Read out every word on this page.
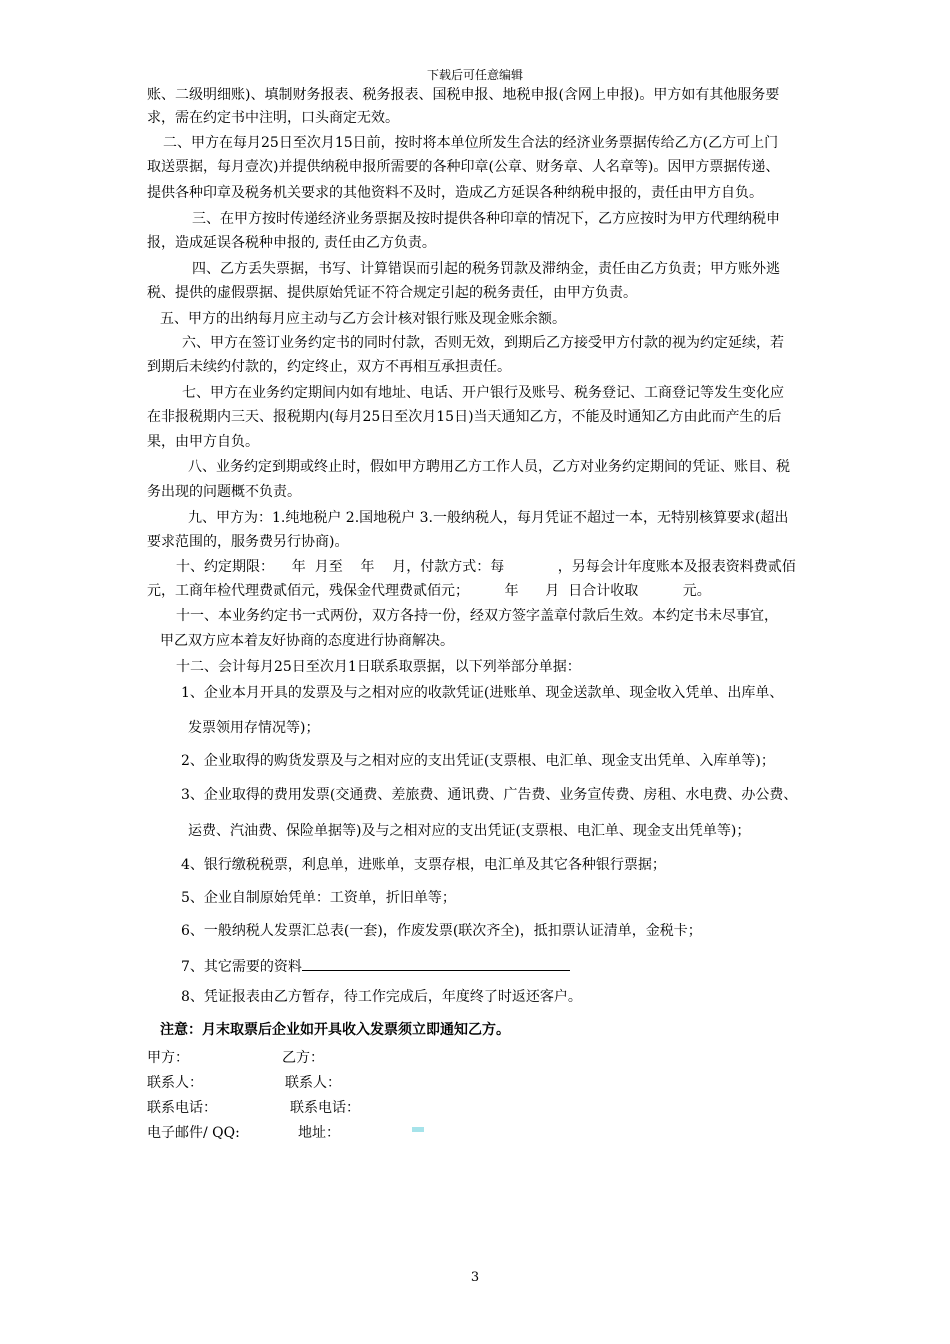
下载后可任意编辑
账、二级明细账)、填制财务报表、税务报表、国税申报、地税申报(含网上申报)。甲方如有其他服务要
求，需在约定书中注明，口头商定无效。
二、甲方在每月25日至次月15日前，按时将本单位所发生合法的经济业务票据传给乙方(乙方可上门
取送票据，每月壹次)并提供纳税申报所需要的各种印章(公章、财务章、人名章等)。因甲方票据传递、
提供各种印章及税务机关要求的其他资料不及时，造成乙方延误各种纳税申报的，责任由甲方自负。
三、在甲方按时传递经济业务票据及按时提供各种印章的情况下，乙方应按时为甲方代理纳税申
报，造成延误各税种申报的, 责任由乙方负责。
四、乙方丢失票据，书写、计算错误而引起的税务罚款及滞纳金，责任由乙方负责；甲方账外逃
税、提供的虚假票据、提供原始凭证不符合规定引起的税务责任，由甲方负责。
五、甲方的出纳每月应主动与乙方会计核对银行账及现金账余额。
六、甲方在签订业务约定书的同时付款，否则无效，到期后乙方接受甲方付款的视为约定延续，若
到期后未续约付款的，约定终止，双方不再相互承担责任。
七、甲方在业务约定期间内如有地址、电话、开户银行及账号、税务登记、工商登记等发生变化应
在非报税期内三天、报税期内(每月25日至次月15日)当天通知乙方，不能及时通知乙方由此而产生的后
果，由甲方自负。
八、业务约定到期或终止时，假如甲方聘用乙方工作人员，乙方对业务约定期间的凭证、账目、税
务出现的问题概不负责。
九、甲方为：1.纯地税户 2.国地税户 3.一般纳税人，每月凭证不超过一本，无特别核算要求(超出
要求范围的，服务费另行协商)。
十、约定期限：    年  月至    年    月，付款方式：每            ，另每会计年度账本及报表资料费贰佰
元，工商年检代理费贰佰元，残保金代理费贰佰元；        年      月  日合计收取          元。
十一、本业务约定书一式两份，双方各持一份，经双方签字盖章付款后生效。本约定书未尽事宜，
甲乙双方应本着友好协商的态度进行协商解决。
十二、会计每月25日至次月1日联系取票据，以下列举部分单据：
1、企业本月开具的发票及与之相对应的收款凭证(进账单、现金送款单、现金收入凭单、出库单、
发票领用存情况等)；
2、企业取得的购货发票及与之相对应的支出凭证(支票根、电汇单、现金支出凭单、入库单等)；
3、企业取得的费用发票(交通费、差旅费、通讯费、广告费、业务宣传费、房租、水电费、办公费、
运费、汽油费、保险单据等)及与之相对应的支出凭证(支票根、电汇单、现金支出凭单等)；
4、银行缴税税票，利息单，进账单，支票存根，电汇单及其它各种银行票据；
5、企业自制原始凭单：工资单，折旧单等；
6、一般纳税人发票汇总表(一套)，作废发票(联次齐全)，抵扣票认证清单，金税卡；
7、其它需要的资料
8、凭证报表由乙方暂存，待工作完成后，年度终了时返还客户。
注意：月末取票后企业如开具收入发票须立即通知乙方。
甲方：	乙方：
联系人：	联系人：
联系电话：	联系电话：
电子邮件/ QQ:	地址：
3
